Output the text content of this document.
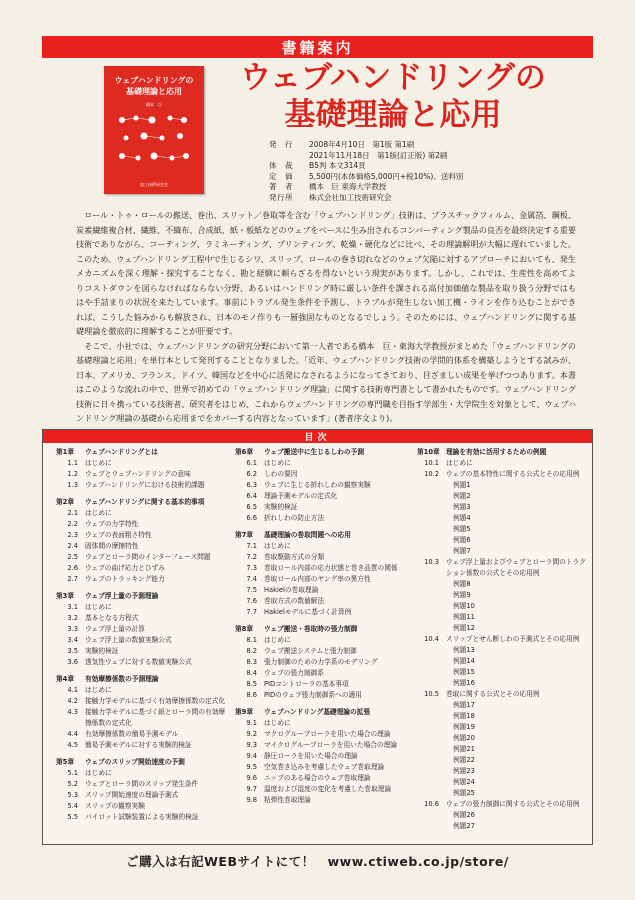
書籍案内
ウェブハンドリングの
基礎理論と応用
橋本　巨
加工技術研究会
ウェブハンドリングの
基礎理論と応用
発　行	2008年4月10日　第1版 第1刷
2021年11月18日　第1版(訂正版) 第2刷
体　裁	B5判 本文314頁
定　価	5,500円(本体価格5,000円+税10%)、送料別
著　者	橋本　巨 東海大学教授
発行所	株式会社加工技術研究会

ロール・トゥ・ロールの搬送、巻出、スリット／巻取等を含む「ウェブハンドリング」技術は、プラスチックフィルム、金属箔、鋼板、炭素繊維複合材、繊維、不織布、合成紙、紙・板紙などのウェブをベースに生み出されるコンバーティング製品の良否を最終決定する重要技術でありながら、コーティング、ラミネーティング、プリンティング、乾燥・硬化などに比べ、その理論解明が大幅に遅れていました。このため、ウェブハンドリング工程中で生じるシワ、スリップ、ロールの巻き切れなどのウェブ欠陥に対するアプローチにおいても、発生メカニズムを深く理解・探究することなく、勘と経験に頼らざるを得ないという現実があります。しかし、これでは、生産性を高めてよりコストダウンを図らなければならない分野、あるいはハンドリング時に厳しい条件を課される高付加価値な製品を取り扱う分野ではもはや手詰まりの状況を来たしています。事前にトラブル発生条件を予測し、トラブルが発生しない加工機・ラインを作り込むことができれば、こうした悩みからも解放され、日本のモノ作りも一層強固なものとなるでしょう。そのためには、ウェブハンドリングに関する基礎理論を徹底的に理解することが肝要です。

そこで、小社では、ウェブハンドリングの研究分野において第一人者である橋本　巨・東海大学教授がまとめた「ウェブハンドリングの基礎理論と応用」を単行本として発刊することとなりました。「近年、ウェブハンドリング技術の学問的体系を構築しようとする試みが、日本、アメリカ、フランス、ドイツ、韓国などを中心に活発になされるようになってきており、目ざましい成果を挙げつつあります。本書はこのような流れの中で、世界で初めての「ウェブハンドリング理論」に関する技術専門書として書かれたものです。ウェブハンドリング技術に日々携っている技術者、研究者をはじめ、これからウェブハンドリングの専門職を目指す学部生・大学院生を対象として、ウェブハンドリング理論の基礎から応用までをカバーする内容となっています」(著者序文より)。

目次
第1章	ウェブハンドリングとは
1.1	はじめに
1.2	ウェブとウェブハンドリングの意味
1.3	ウェブハンドリングにおける技術的課題
第2章	ウェブハンドリングに関する基本的事項
2.1	はじめに
2.2	ウェブの力学特性
2.3	ウェブの表面粗さ特性
2.4	固体間の摩擦特性
2.5	ウェブとローラ間のインターフェース問題
2.6	ウェブの曲げ応力とひずみ
2.7	ウェブのトラッキング能力
第3章	ウェブ浮上量の予測理論
3.1	はじめに
3.2	基本となる方程式
3.3	ウェブ浮上量の計算
3.4	ウェブ浮上量の数値実験公式
3.5	実験的検証
3.6	透気性ウェブに対する数値実験公式
第4章	有効摩擦係数の予測理論
4.1	はじめに
4.2	接触力学モデルに基づく有効摩擦係数の定式化
4.3	接触力学モデルに基づく紙とローラ間の有効摩擦係数の定式化
4.4	有効摩擦係数の簡易予測モデル
4.5	簡易予測モデルに対する実験的検証
第5章	ウェブのスリップ開始速度の予測
5.1	はじめに
5.2	ウェブとローラ間のスリップ発生条件
5.3	スリップ開始速度の理論予測式
5.4	スリップの観察実験
5.5	パイロット試験装置による実験的検証
第6章	ウェブ搬送中に生じるしわの予測
6.1	はじめに
6.2	しわの要因
6.3	ウェブに生じる折れしわの観察実験
6.4	理論予測モデルの定式化
6.5	実験的検証
6.6	折れしわの防止方法
第7章	基礎理論の巻取問題への応用
7.1	はじめに
7.2	巻取駆動方式の分類
7.3	巻取ロール内部の応力状態と巻き品質の関係
7.4	巻取ロール内部のヤング率の異方性
7.5	Hakielの巻取理論
7.6	巻取方式の数値解法
7.7	Hakielモデルに基づく計算例
第8章	ウェブ搬送・巻取時の張力制御
8.1	はじめに
8.2	ウェブ搬送システムと張力制御
8.3	張力制御のための力学系のモデリング
8.4	ウェブの張力制御系
8.5	PIDコントローラの基本事項
8.6	PIDのウェブ張力制御系への適用
第9章	ウェブハンドリング基礎理論の拡張
9.1	はじめに
9.2	マクログルーブローラを用いた場合の理論
9.3	マイクログルーブローラを用いた場合の理論
9.4	静圧ローラを用いた場合の理論
9.5	空気巻き込みを考慮したウェブ巻取理論
9.6	ニップのある場合のウェブ巻取理論
9.7	温度および湿度の変化を考慮した巻取理論
9.8	粘弾性巻取理論
第10章 理論を有効に活用するための例題
10.1	はじめに
10.2	ウェブの基本特性に関する公式とその応用例
例題1
例題2
例題3
例題4
例題5
例題6
例題7
10.3	ウェブ浮上量およびウェブとローラ間のトラクション係数の公式とその応用例
例題8
例題9
例題10
例題11
例題12
10.4	スリップとせん断しわの予測式とその応用例
例題13
例題14
例題15
例題16
10.5	巻取に関する公式とその応用例
例題17
例題18
例題19
例題20
例題21
例題22
例題23
例題24
例題25
10.6	ウェブの張力制御に関する公式とその応用例
例題26
例題27
ご購入は右記WEBサイトにて！　www.ctiweb.co.jp/store/
